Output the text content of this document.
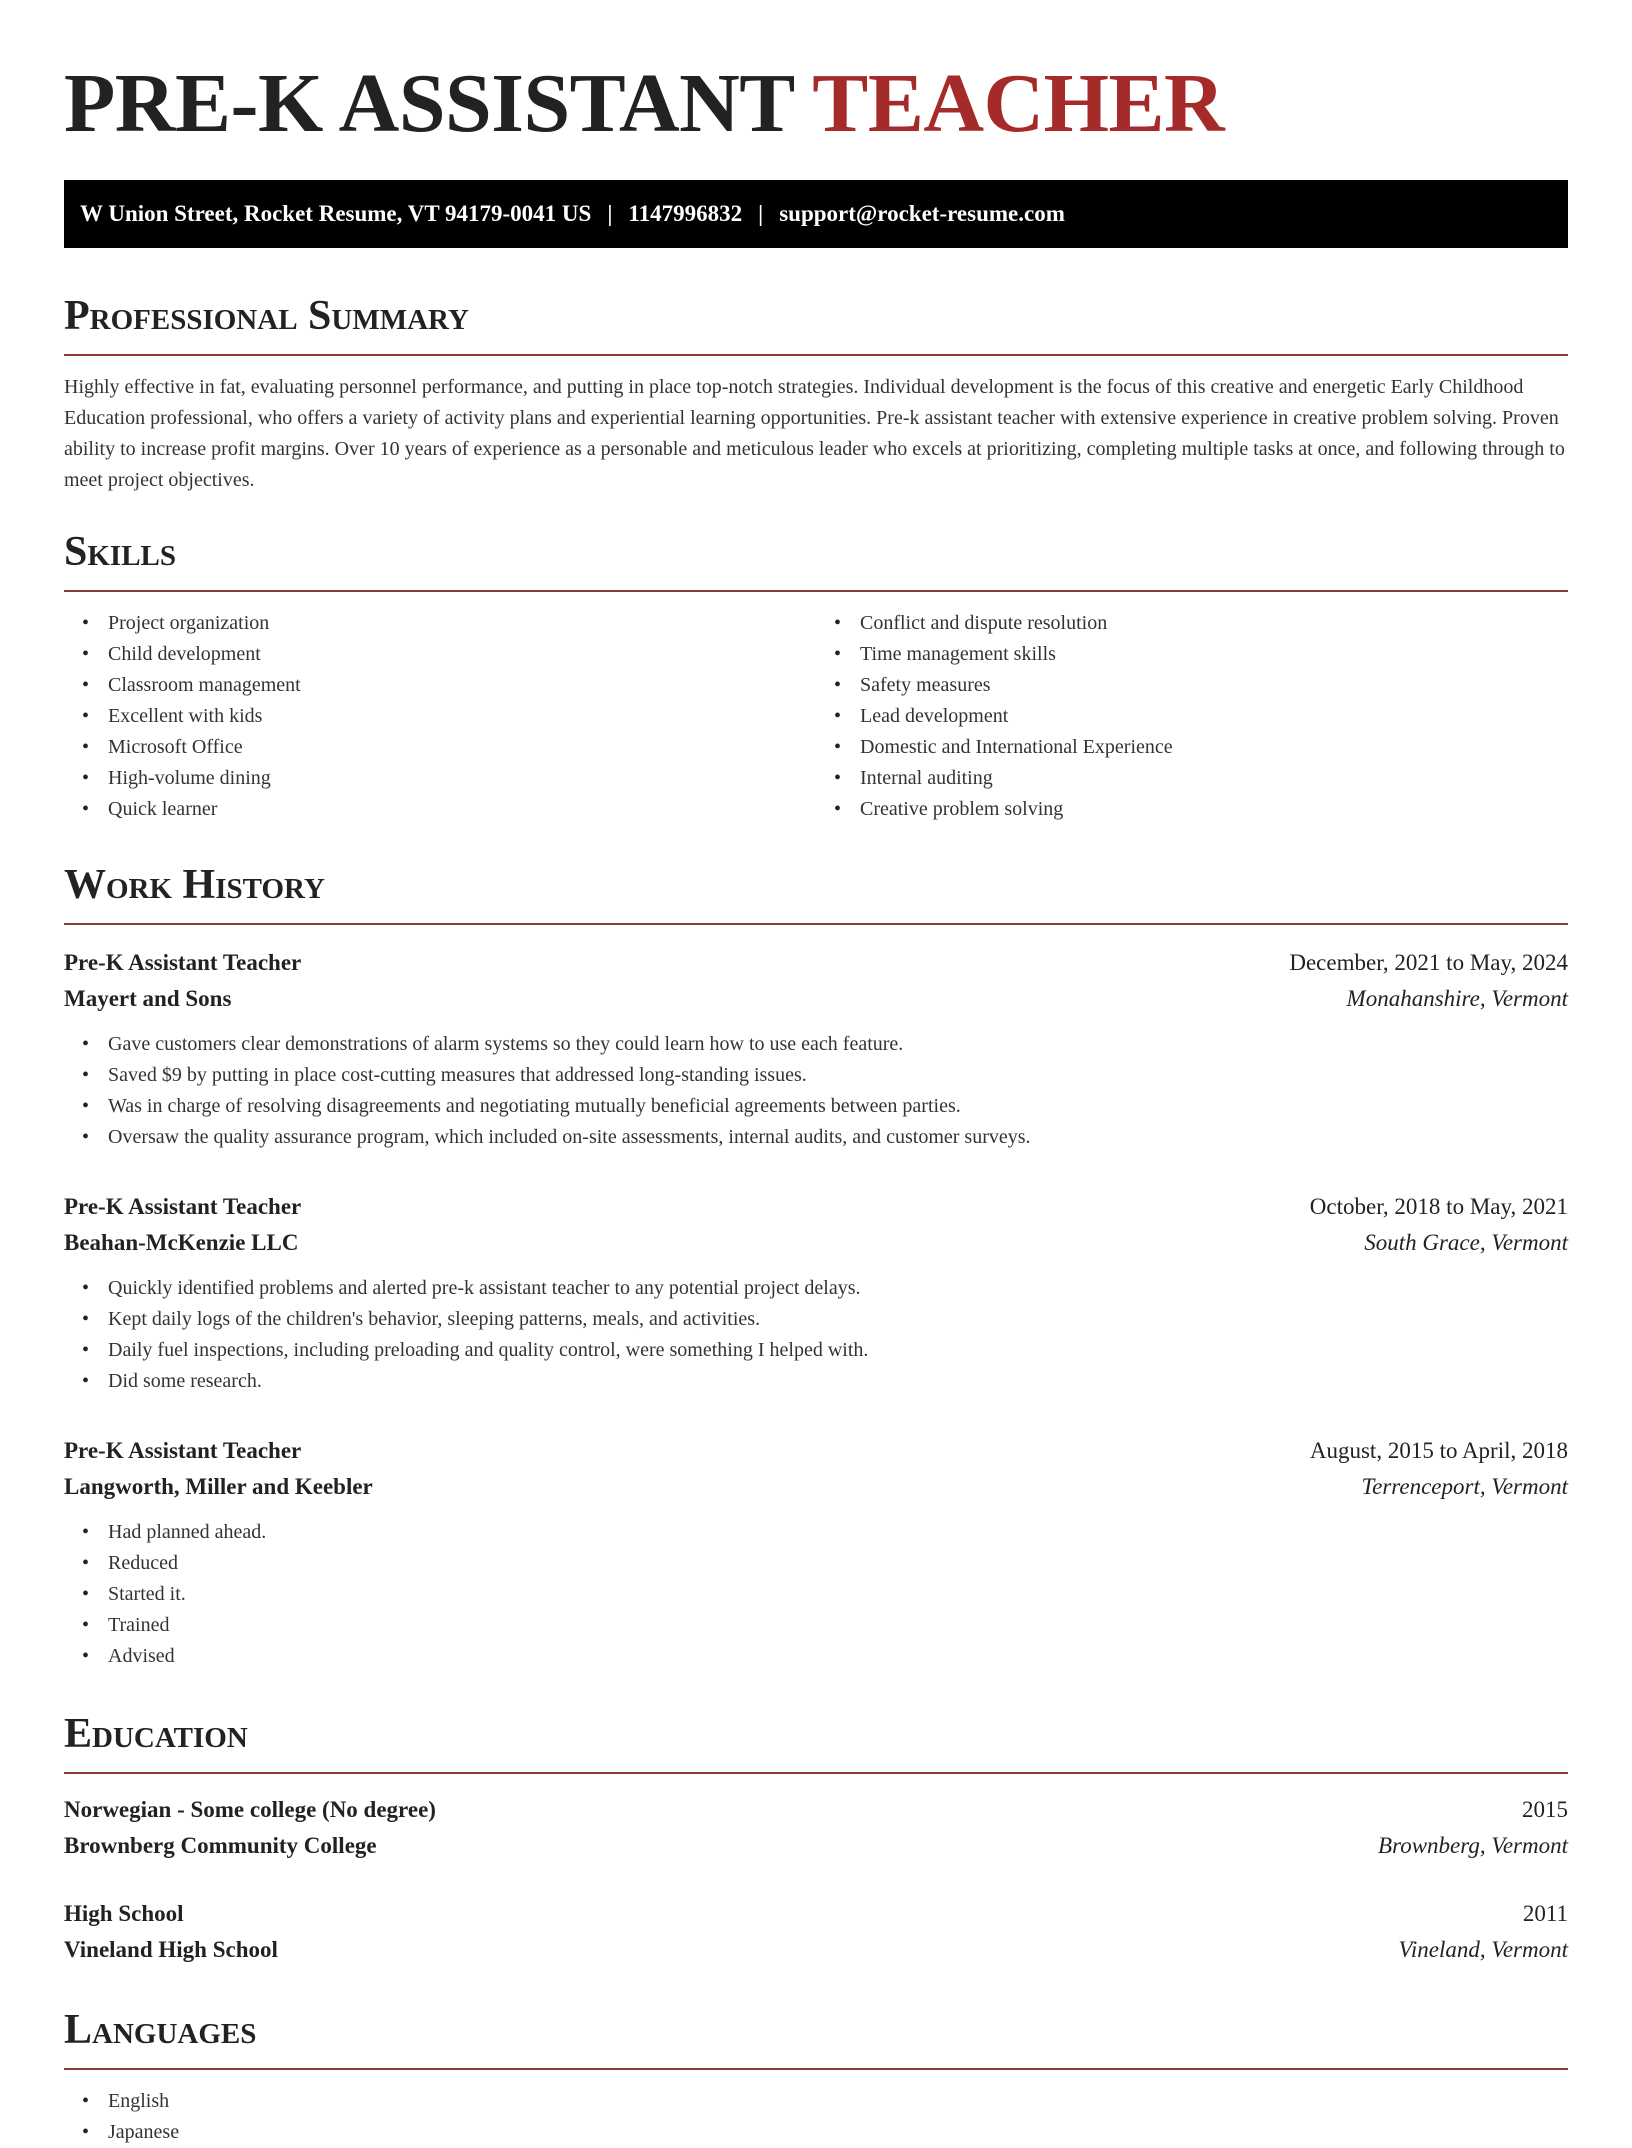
PRE-K ASSISTANT TEACHER
W Union Street, Rocket Resume, VT 94179-0041 US | 1147996832 | support@rocket-resume.com
Professional Summary

Highly effective in fat, evaluating personnel performance, and putting in place top-notch strategies. Individual development is the focus of this creative and energetic Early Childhood Education professional, who offers a variety of activity plans and experiential learning opportunities. Pre-k assistant teacher with extensive experience in creative problem solving. Proven ability to increase profit margins. Over 10 years of experience as a personable and meticulous leader who excels at prioritizing, completing multiple tasks at once, and following through to meet project objectives.

Skills
• Project organization
• Child development
• Classroom management
• Excellent with kids
• Microsoft Office
• High-volume dining
• Quick learner
• Conflict and dispute resolution
• Time management skills
• Safety measures
• Lead development
• Domestic and International Experience
• Internal auditing
• Creative problem solving
Work History
Pre-K Assistant Teacher	December, 2021 to May, 2024
Mayert and Sons	Monahanshire, Vermont
• Gave customers clear demonstrations of alarm systems so they could learn how to use each feature.
• Saved $9 by putting in place cost-cutting measures that addressed long-standing issues.
• Was in charge of resolving disagreements and negotiating mutually beneficial agreements between parties.
• Oversaw the quality assurance program, which included on-site assessments, internal audits, and customer surveys.
Pre-K Assistant Teacher	October, 2018 to May, 2021
Beahan-McKenzie LLC	South Grace, Vermont
• Quickly identified problems and alerted pre-k assistant teacher to any potential project delays.
• Kept daily logs of the children's behavior, sleeping patterns, meals, and activities.
• Daily fuel inspections, including preloading and quality control, were something I helped with.
• Did some research.
Pre-K Assistant Teacher	August, 2015 to April, 2018
Langworth, Miller and Keebler	Terrenceport, Vermont
• Had planned ahead.
• Reduced
• Started it.
• Trained
• Advised
Education
Norwegian - Some college (No degree)	2015
Brownberg Community College	Brownberg, Vermont
High School	2011
Vineland High School	Vineland, Vermont
Languages
• English
• Japanese
